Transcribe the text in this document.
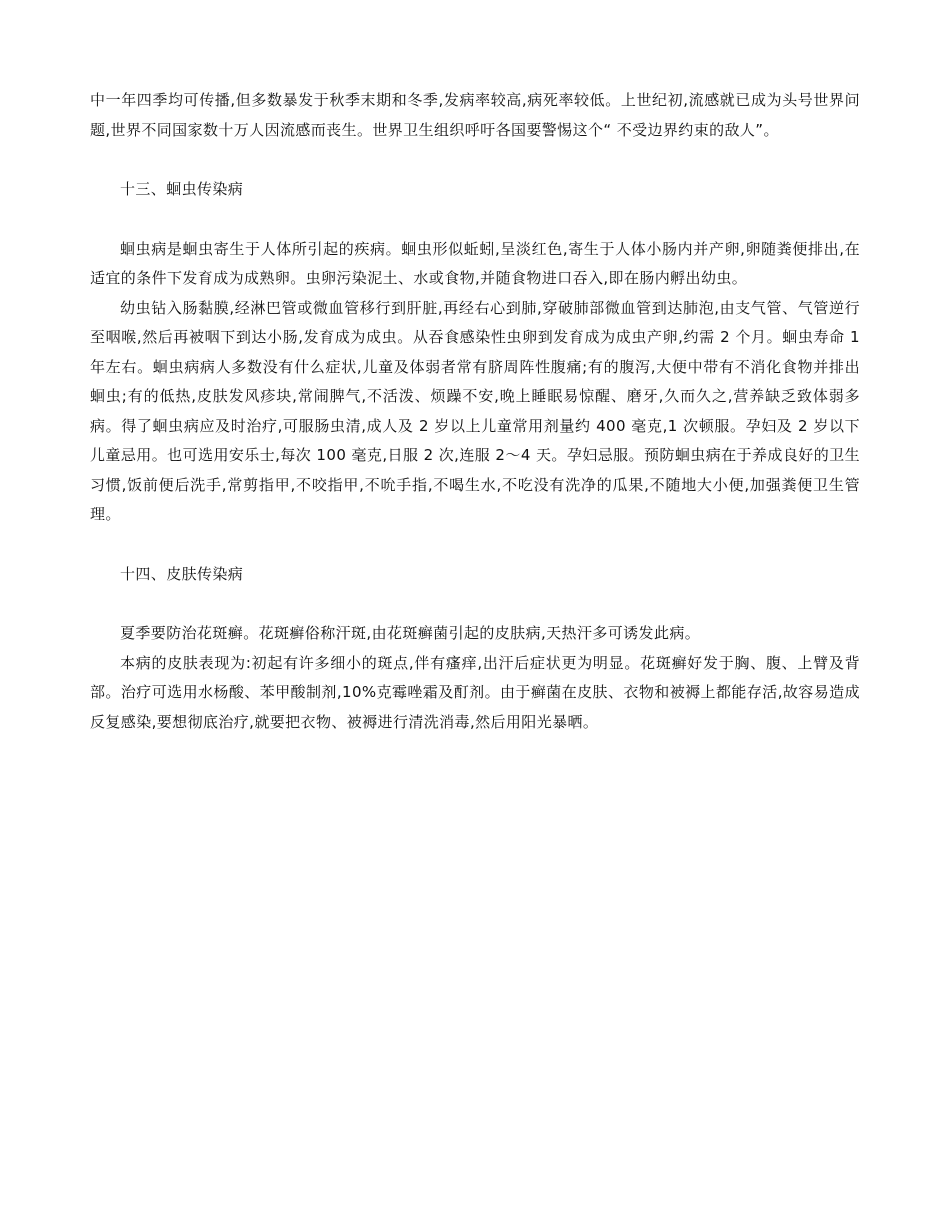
中一年四季均可传播,但多数暴发于秋季末期和冬季,发病率较高,病死率较低。上世纪初,流感就已成为头号世界问题,世界不同国家数十万人因流感而丧生。世界卫生组织呼吁各国要警惕这个“ 不受边界约束的敌人”。

十三、蛔虫传染病

蛔虫病是蛔虫寄生于人体所引起的疾病。蛔虫形似蚯蚓,呈淡红色,寄生于人体小肠内并产卵,卵随粪便排出,在适宜的条件下发育成为成熟卵。虫卵污染泥土、水或食物,并随食物进口吞入,即在肠内孵出幼虫。

幼虫钻入肠黏膜,经淋巴管或微血管移行到肝脏,再经右心到肺,穿破肺部微血管到达肺泡,由支气管、气管逆行至咽喉,然后再被咽下到达小肠,发育成为成虫。从吞食感染性虫卵到发育成为成虫产卵,约需 2 个月。蛔虫寿命 1 年左右。蛔虫病病人多数没有什么症状,儿童及体弱者常有脐周阵性腹痛;有的腹泻,大便中带有不消化食物并排出蛔虫;有的低热,皮肤发风疹块,常闹脾气,不活泼、烦躁不安,晚上睡眠易惊醒、磨牙,久而久之,营养缺乏致体弱多病。得了蛔虫病应及时治疗,可服肠虫清,成人及 2 岁以上儿童常用剂量约 400 毫克,1 次顿服。孕妇及 2 岁以下儿童忌用。也可选用安乐士,每次 100 毫克,日服 2 次,连服 2～4 天。孕妇忌服。预防蛔虫病在于养成良好的卫生习惯,饭前便后洗手,常剪指甲,不咬指甲,不吮手指,不喝生水,不吃没有洗净的瓜果,不随地大小便,加强粪便卫生管理。

十四、皮肤传染病

夏季要防治花斑癣。花斑癣俗称汗斑,由花斑癣菌引起的皮肤病,天热汗多可诱发此病。

本病的皮肤表现为:初起有许多细小的斑点,伴有瘙痒,出汗后症状更为明显。花斑癣好发于胸、腹、上臂及背部。治疗可选用水杨酸、苯甲酸制剂,10%克霉唑霜及酊剂。由于癣菌在皮肤、衣物和被褥上都能存活,故容易造成反复感染,要想彻底治疗,就要把衣物、被褥进行清洗消毒,然后用阳光暴晒。
